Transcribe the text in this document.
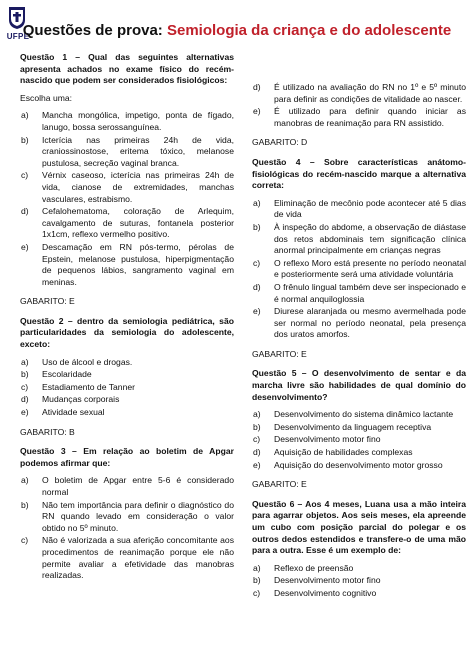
UFPE
Questões de prova: Semiologia da criança e do adolescente
Questão 1 – Qual das seguintes alternativas apresenta achados no exame físico do recém-nascido que podem ser considerados fisiológicos:
Escolha uma:
a) Mancha mongólica, impetigo, ponta de fígado, lanugo, bossa serossanguínea.
b) Icterícia nas primeiras 24h de vida, craniossinostose, eritema tóxico, melanose pustulosa, secreção vaginal branca.
c) Vérnix caseoso, icterícia nas primeiras 24h de vida, cianose de extremidades, manchas vasculares, estrabismo.
d) Cefalohematoma, coloração de Arlequim, cavalgamento de suturas, fontanela posterior 1x1cm, reflexo vermelho positivo.
e) Descamação em RN pós-termo, pérolas de Epstein, melanose pustulosa, hiperpigmentação de pequenos lábios, sangramento vaginal em meninas.
GABARITO: E
Questão 2 – dentro da semiologia pediátrica, são particularidades da semiologia do adolescente, exceto:
a) Uso de álcool e drogas.
b) Escolaridade
c) Estadiamento de Tanner
d) Mudanças corporais
e) Atividade sexual
GABARITO: B
Questão 3 – Em relação ao boletim de Apgar podemos afirmar que:
a) O boletim de Apgar entre 5-6 é considerado normal
b) Não tem importância para definir o diagnóstico do RN quando levado em consideração o valor obtido no 5º minuto.
c) Não é valorizada a sua aferição concomitante aos procedimentos de reanimação porque ele não permite avaliar a efetividade das manobras realizadas.
d) É utilizado na avaliação do RN no 1º e 5º minuto para definir as condições de vitalidade ao nascer.
e) É utilizado para definir quando iniciar as manobras de reanimação para RN assistido.
GABARITO: D
Questão 4 – Sobre características anátomo-fisiológicas do recém-nascido marque a alternativa correta:
a) Eliminação de mecônio pode acontecer até 5 dias de vida
b) À inspeção do abdome, a observação de diástase dos retos abdominais tem significação clínica anormal principalmente em crianças negras
c) O reflexo Moro está presente no período neonatal e posteriormente será uma atividade voluntária
d) O frênulo lingual também deve ser inspecionado e é normal anquiloglossia
e) Diurese alaranjada ou mesmo avermelhada pode ser normal no período neonatal, pela presença dos uratos amorfos.
GABARITO: E
Questão 5 – O desenvolvimento de sentar e da marcha livre são habilidades de qual domínio do desenvolvimento?
a) Desenvolvimento do sistema dinâmico lactante
b) Desenvolvimento da linguagem receptiva
c) Desenvolvimento motor fino
d) Aquisição de habilidades complexas
e) Aquisição do desenvolvimento motor grosso
GABARITO: E
Questão 6 – Aos 4 meses, Luana usa a mão inteira para agarrar objetos. Aos seis meses, ela apreende um cubo com posição parcial do polegar e os outros dedos estendidos e transfere-o de uma mão para a outra. Esse é um exemplo de:
a) Reflexo de preensão
b) Desenvolvimento motor fino
c) Desenvolvimento cognitivo
